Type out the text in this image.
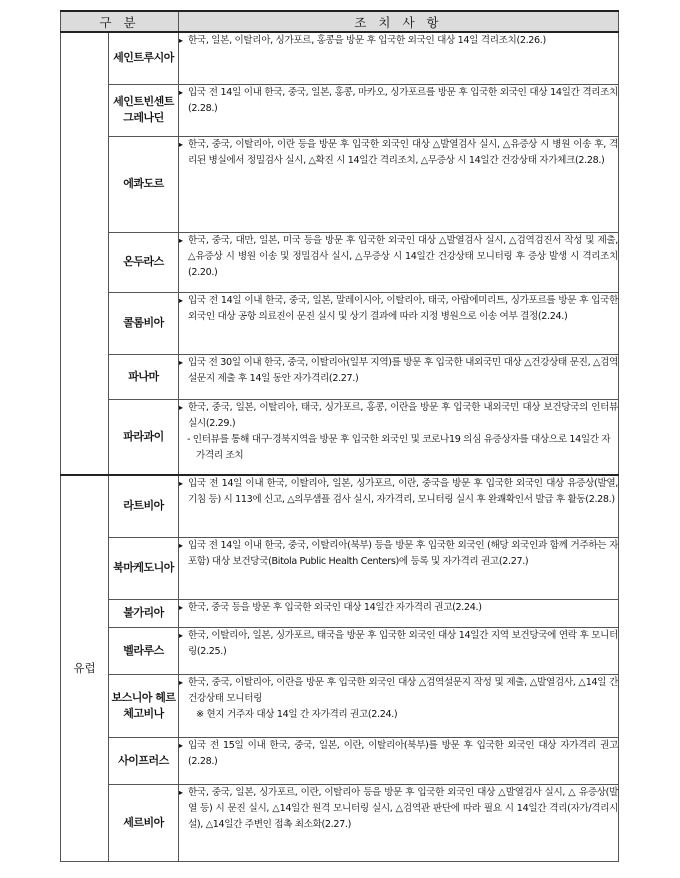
구 분		조 치 사 항
	세인트루시아	▸ 한국, 일본, 이탈리아, 싱가포르, 홍콩을 방문 후 입국한 외국인 대상 14일 격리조치(2.26.)

	세인트빈센트 그레나딘	▸ 입국 전 14일 이내 한국, 중국, 일본, 홍콩, 마카오, 싱가포르를 방문 후 입국한 외국인 대상 14일간 격리조치(2.28.)

	에콰도르	▸ 한국, 중국, 이탈리아, 이란 등을 방문 후 입국한 외국인 대상 △발열검사 실시, △유증상 시 병원 이송 후, 격리된 병실에서 정밀검사 실시, △확진 시 14일간 격리조치, △무증상 시 14일간 건강상태 자가체크(2.28.)

	온두라스	▸ 한국, 중국, 대만, 일본, 미국 등을 방문 후 입국한 외국인 대상 △발열검사 실시, △검역검진서 작성 및 제출, △유증상 시 병원 이송 및 정밀검사 실시, △무증상 시 14일간 건강상태 모니터링 후 증상 발생 시 격리조치(2.20.)

	콜롬비아	▸ 입국 전 14일 이내 한국, 중국, 일본, 말레이시아, 이탈리아, 태국, 아랍에미리트, 싱가포르를 방문 후 입국한 외국인 대상 공항 의료진이 문진 실시 및 상기 결과에 따라 지정 병원으로 이송 여부 결정(2.24.)

	파나마	▸ 입국 전 30일 이내 한국, 중국, 이탈리아(일부 지역)를 방문 후 입국한 내외국민 대상 △건강상태 문진, △검역설문지 제출 후 14일 동안 자가격리(2.27.)

	파라과이	▸ 한국, 중국, 일본, 이탈리아, 태국, 싱가포르, 홍콩, 이란을 방문 후 입국한 내외국민 대상 보건당국의 인터뷰 실시(2.29.)
- 인터뷰를 통해 대구·경북지역을 방문 후 입국한 외국인 및 코로나19 의심 유증상자를 대상으로 14일간 자가격리 조치

유럽	라트비아	▸ 입국 전 14일 이내 한국, 이탈리아, 일본, 싱가포르, 이란, 중국을 방문 후 입국한 외국인 대상 유증상(발열, 기침 등) 시 113에 신고, △의무샘플 검사 실시, 자가격리, 모니터링 실시 후 완쾌확인서 발급 후 활동(2.28.)

	북마케도니아	▸ 입국 전 14일 이내 한국, 중국, 이탈리아(북부) 등을 방문 후 입국한 외국인 (해당 외국인과 함께 거주하는 자 포함) 대상 보건당국(Bitola Public Health Centers)에 등록 및 자가격리 권고(2.27.)

	불가리아	▸ 한국, 중국 등을 방문 후 입국한 외국인 대상 14일간 자가격리 권고(2.24.)

	벨라루스	▸ 한국, 이탈리아, 일본, 싱가포르, 태국을 방문 후 입국한 외국인 대상 14일간 지역 보건당국에 연락 후 모니터링(2.25.)

	보스니아 헤르체고비나	▸ 한국, 중국, 이탈리아, 이란을 방문 후 입국한 외국인 대상 △검역설문지 작성 및 제출, △발열검사, △14일 간 건강상태 모니터링
※ 현지 거주자 대상 14일 간 자가격리 권고(2.24.)

	사이프러스	▸ 입국 전 15일 이내 한국, 중국, 일본, 이란, 이탈리아(북부)를 방문 후 입국한 외국인 대상 자가격리 권고(2.28.)

	세르비아	▸ 한국, 중국, 일본, 싱가포르, 이란, 이탈리아 등을 방문 후 입국한 외국인 대상 △발열검사 실시, △ 유증상(발열 등) 시 문진 실시, △14일간 원격 모니터링 실시, △검역관 판단에 따라 필요 시 14일간 격리(자가/격리시설), △14일간 주변인 접촉 최소화(2.27.)
